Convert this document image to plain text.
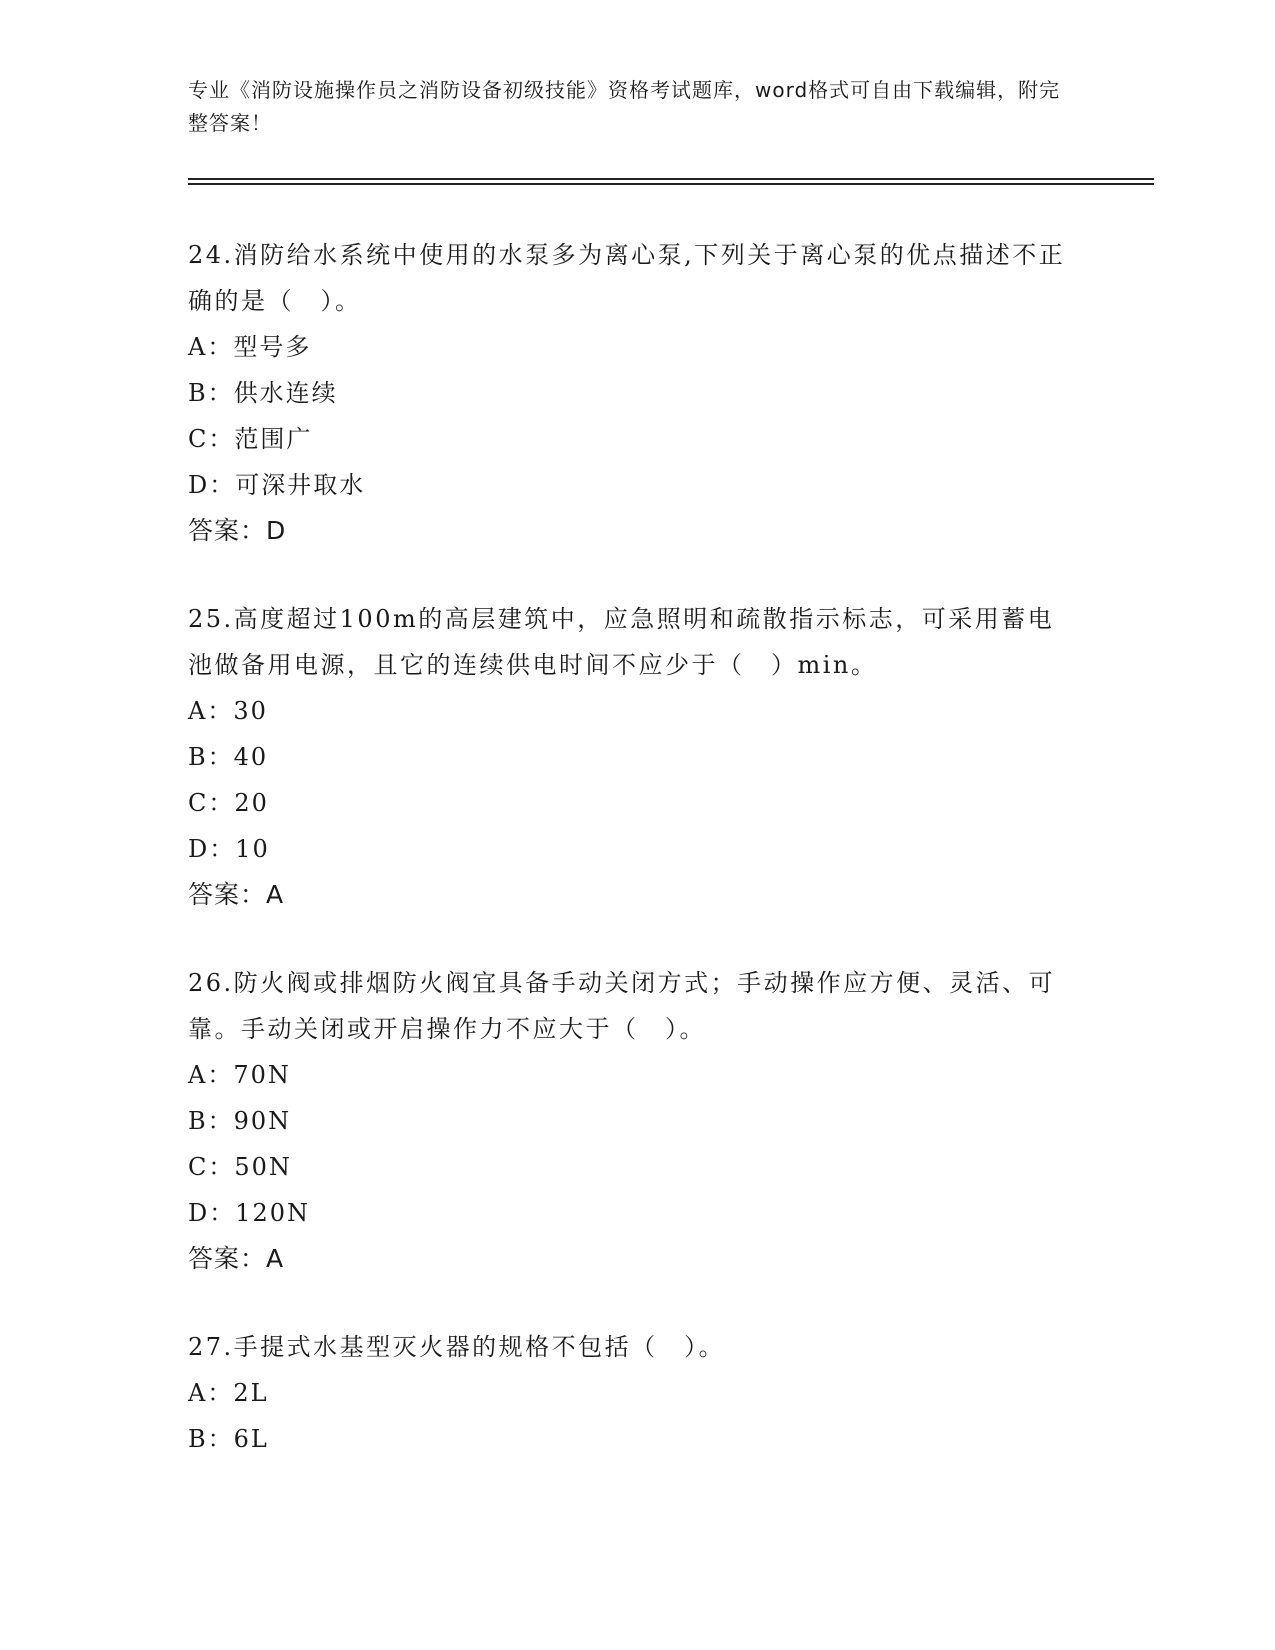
专业《消防设施操作员之消防设备初级技能》资格考试题库，word格式可自由下载编辑，附完整答案！

24.消防给水系统中使用的水泵多为离心泵,下列关于离心泵的优点描述不正确的是（　）。

A：型号多

B：供水连续

C：范围广

D：可深井取水

答案：D

25.高度超过100m的高层建筑中，应急照明和疏散指示标志，可采用蓄电池做备用电源，且它的连续供电时间不应少于（　）min。

A：30

B：40

C：20

D：10

答案：A

26.防火阀或排烟防火阀宜具备手动关闭方式；手动操作应方便、灵活、可靠。手动关闭或开启操作力不应大于（　）。

A：70N

B：90N

C：50N

D：120N

答案：A

27.手提式水基型灭火器的规格不包括（　）。

A：2L

B：6L
